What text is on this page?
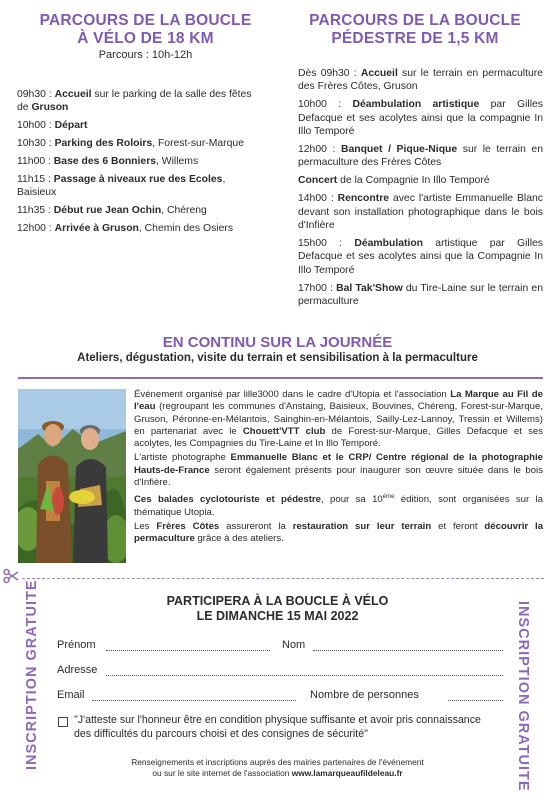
PARCOURS DE LA BOUCLE
À VÉLO DE 18 KM
Parcours : 10h-12h
09h30 : Accueil sur le parking de la salle des fêtes de Gruson
10h00 : Départ
10h30 : Parking des Roloirs, Forest-sur-Marque
11h00 : Base des 6 Bonniers, Willems
11h15 : Passage à niveaux rue des Ecoles, Baisieux
11h35 : Début rue Jean Ochin, Chéreng
12h00 : Arrivée à Gruson, Chemin des Osiers
PARCOURS DE LA BOUCLE
PÉDESTRE DE 1,5 KM
Dès 09h30 : Accueil sur le terrain en permaculture des Frères Côtes, Gruson
10h00 : Déambulation artistique par Gilles Defacque et ses acolytes ainsi que la compagnie In Illo Temporé
12h00 : Banquet / Pique-Nique sur le terrain en permaculture des Frères Côtes
Concert de la Compagnie In Illo Temporé
14h00 : Rencontre avec l'artiste Emmanuelle Blanc devant son installation photographique dans le bois d'Infière
15h00 : Déambulation artistique par Gilles Defacque et ses acolytes ainsi que la Compagnie In Illo Temporé
17h00 : Bal Tak'Show du Tire-Laine sur le terrain en permaculture
EN CONTINU SUR LA JOURNÉE
Ateliers, dégustation, visite du terrain et sensibilisation à la permaculture

Événement organisé par lille3000 dans le cadre d'Utopia et l'association La Marque au Fil de l'eau (regroupant les communes d'Anstaing, Baisieux, Bouvines, Chéreng, Forest-sur-Marque, Gruson, Péronne-en-Mélantois, Sainghin-en-Mélantois, Sailly-Lez-Lannoy, Tressin et Willems) en partenariat avec le Chouett'VTT club de Forest-sur-Marque, Gilles Defacque et ses acolytes, les Compagnies du Tire-Laine et In Illo Temporé.

L'artiste photographe Emmanuelle Blanc et le CRP/ Centre régional de la photographie Hauts-de-France seront également présents pour inaugurer son œuvre située dans le bois d'Infière.

Ces balades cyclotouriste et pédestre, pour sa 10ème édition, sont organisées sur la thématique Utopia.

Les Frères Côtes assureront la restauration sur leur terrain et feront découvrir la permaculture grâce à des ateliers.

INSCRIPTION GRATUITE	INSCRIPTION GRATUITE
PARTICIPERA À LA BOUCLE À VÉLO
LE DIMANCHE 15 MAI 2022
Prénom	Nom
Adresse
Email	Nombre de personnes
"J'atteste sur l'honneur être en condition physique suffisante et avoir pris connaissance des difficultés du parcours choisi et des consignes de sécurité"
Renseignements et inscriptions auprès des mairies partenaires de l'événement
ou sur le site internet de l'association www.lamarqueaufildeleau.fr
